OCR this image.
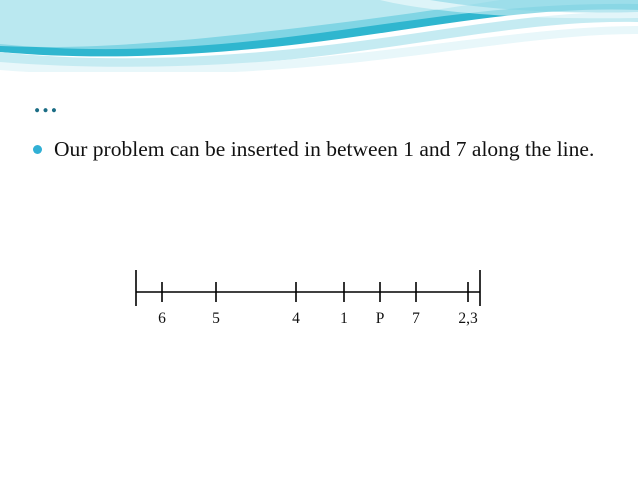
…
Our problem can be inserted in between 1 and 7 along the line.
6	5	4	1 P 7 2,3
